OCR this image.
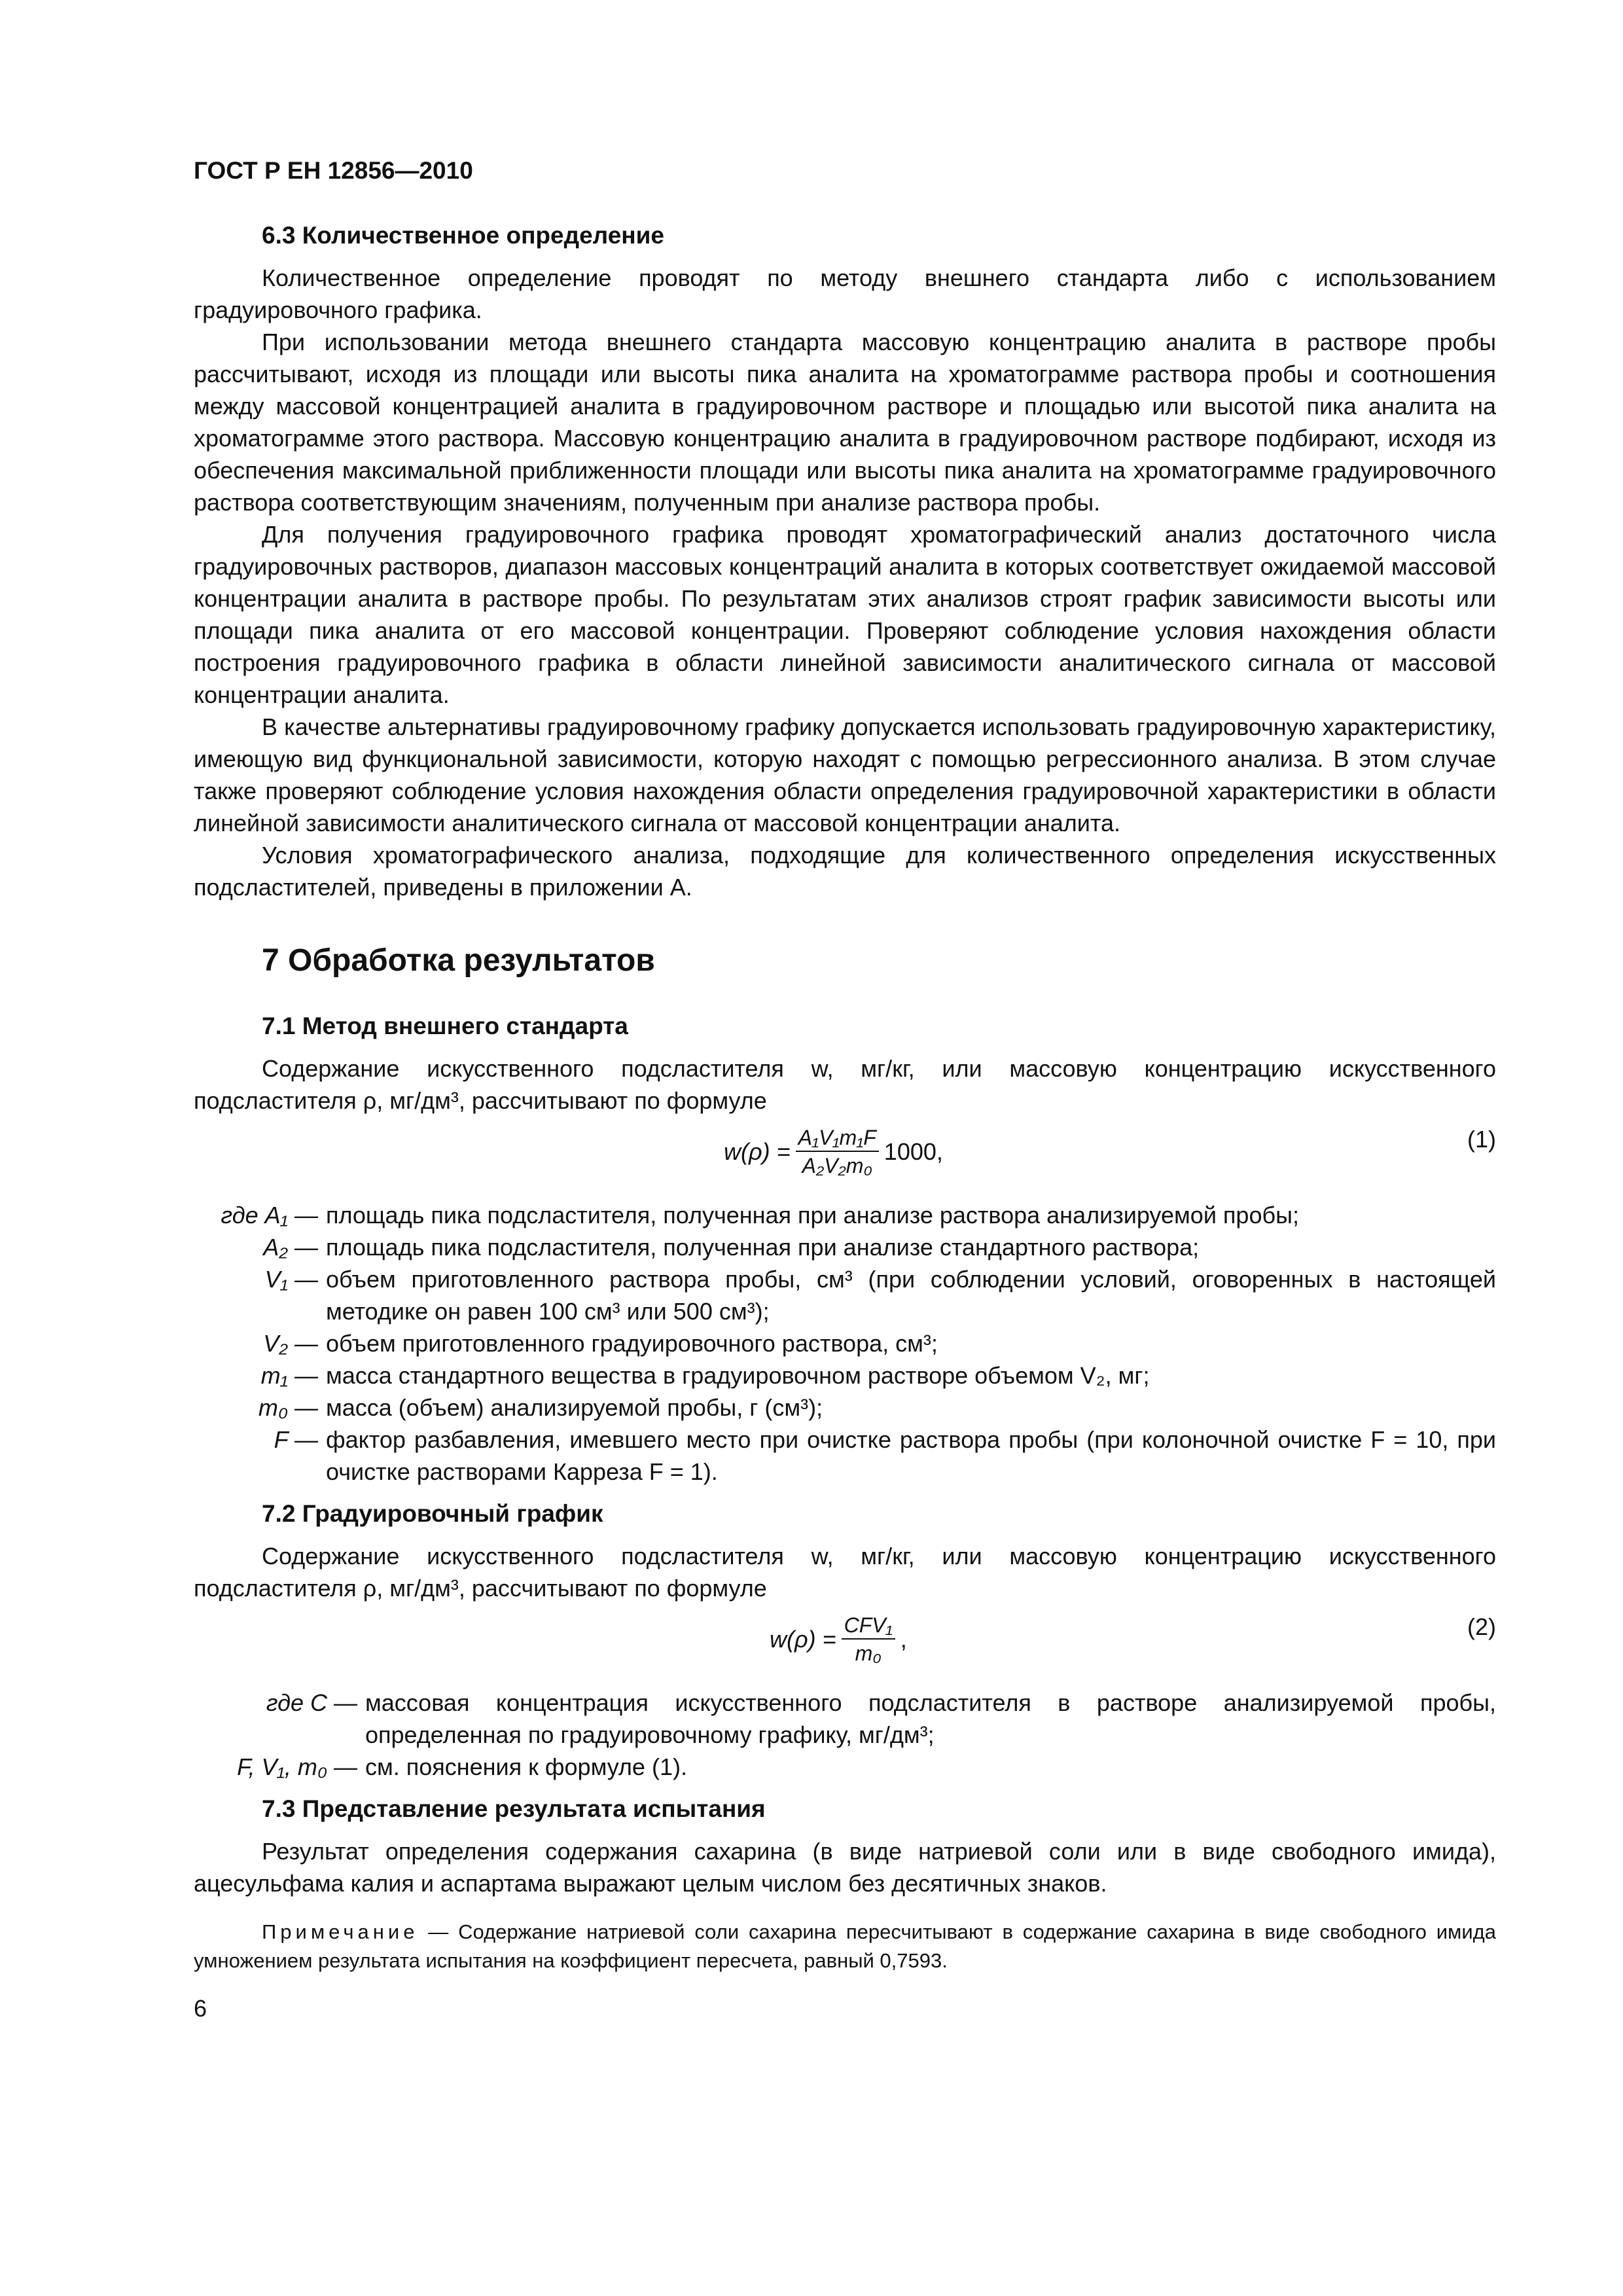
ГОСТ Р ЕН 12856—2010
6.3 Количественное определение

Количественное определение проводят по методу внешнего стандарта либо с использованием градуировочного графика.

При использовании метода внешнего стандарта массовую концентрацию аналита в растворе пробы рассчитывают, исходя из площади или высоты пика аналита на хроматограмме раствора пробы и соотношения между массовой концентрацией аналита в градуировочном растворе и площадью или высотой пика аналита на хроматограмме этого раствора. Массовую концентрацию аналита в градуировочном растворе подбирают, исходя из обеспечения максимальной приближенности площади или высоты пика аналита на хроматограмме градуировочного раствора соответствующим значениям, полученным при анализе раствора пробы.

Для получения градуировочного графика проводят хроматографический анализ достаточного числа градуировочных растворов, диапазон массовых концентраций аналита в которых соответствует ожидаемой массовой концентрации аналита в растворе пробы. По результатам этих анализов строят график зависимости высоты или площади пика аналита от его массовой концентрации. Проверяют соблюдение условия нахождения области построения градуировочного графика в области линейной зависимости аналитического сигнала от массовой концентрации аналита.

В качестве альтернативы градуировочному графику допускается использовать градуировочную характеристику, имеющую вид функциональной зависимости, которую находят с помощью регрессионного анализа. В этом случае также проверяют соблюдение условия нахождения области определения градуировочной характеристики в области линейной зависимости аналитического сигнала от массовой концентрации аналита.

Условия хроматографического анализа, подходящие для количественного определения искусственных подсластителей, приведены в приложении А.

7 Обработка результатов
7.1 Метод внешнего стандарта

Содержание искусственного подсластителя w, мг/кг, или массовую концентрацию искусственного подсластителя ρ, мг/дм³, рассчитывают по формуле

$w(\rho) = \frac{\text{A₁V₁m₁F}}{\text{A₂V₂m₀}} 1000$,	(1)
где A₁ — площадь пика подсластителя, полученная при анализе раствора анализируемой пробы;
A₂ — площадь пика подсластителя, полученная при анализе стандартного раствора;
V₁ — объем приготовленного раствора пробы, см³ (при соблюдении условий, оговоренных в настоящей методике он равен 100 см³ или 500 см³);
V₂ — объем приготовленного градуировочного раствора, см³;
m₁ — масса стандартного вещества в градуировочном растворе объемом V₂, мг;
m₀ — масса (объем) анализируемой пробы, г (см³);
F — фактор разбавления, имевшего место при очистке раствора пробы (при колоночной очистке F = 10, при очистке растворами Карреза F = 1).
7.2 Градуировочный график

Содержание искусственного подсластителя w, мг/кг, или массовую концентрацию искусственного подсластителя ρ, мг/дм³, рассчитывают по формуле

$w(\rho) = \frac{\text{CFV₁}}{\text{m₀}}$ ,	(2)
где C — массовая концентрация искусственного подсластителя в растворе анализируемой пробы, определенная по градуировочному графику, мг/дм³;
F, V₁, m₀ — см. пояснения к формуле (1).
7.3 Представление результата испытания

Результат определения содержания сахарина (в виде натриевой соли или в виде свободного имида), ацесульфама калия и аспартама выражают целым числом без десятичных знаков.

Примечание — Содержание натриевой соли сахарина пересчитывают в содержание сахарина в виде свободного имида умножением результата испытания на коэффициент пересчета, равный 0,7593.
6
